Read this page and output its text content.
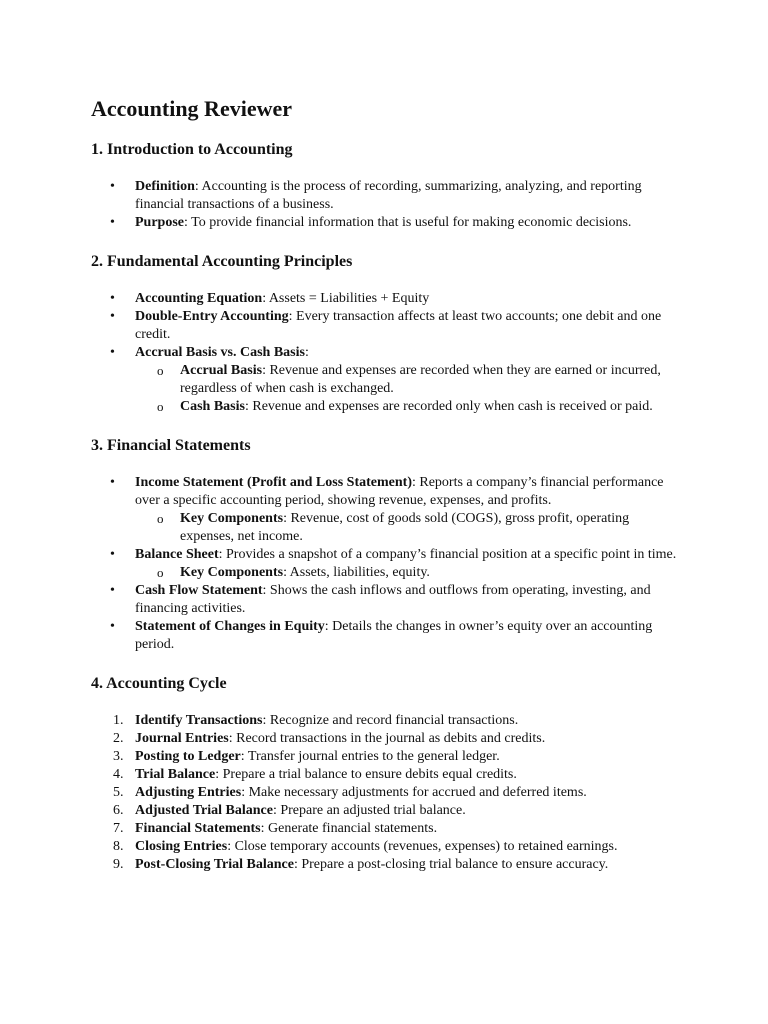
Accounting Reviewer
1. Introduction to Accounting
• Definition: Accounting is the process of recording, summarizing, analyzing, and reporting financial transactions of a business.
• Purpose: To provide financial information that is useful for making economic decisions.
2. Fundamental Accounting Principles
• Accounting Equation: Assets = Liabilities + Equity
• Double-Entry Accounting: Every transaction affects at least two accounts; one debit and one credit.
• Accrual Basis vs. Cash Basis:
o Accrual Basis: Revenue and expenses are recorded when they are earned or incurred, regardless of when cash is exchanged.
o Cash Basis: Revenue and expenses are recorded only when cash is received or paid.
3. Financial Statements
• Income Statement (Profit and Loss Statement): Reports a company’s financial performance over a specific accounting period, showing revenue, expenses, and profits.
o Key Components: Revenue, cost of goods sold (COGS), gross profit, operating expenses, net income.
• Balance Sheet: Provides a snapshot of a company’s financial position at a specific point in time.
o Key Components: Assets, liabilities, equity.
• Cash Flow Statement: Shows the cash inflows and outflows from operating, investing, and financing activities.
• Statement of Changes in Equity: Details the changes in owner’s equity over an accounting period.
4. Accounting Cycle
1. Identify Transactions: Recognize and record financial transactions.
2. Journal Entries: Record transactions in the journal as debits and credits.
3. Posting to Ledger: Transfer journal entries to the general ledger.
4. Trial Balance: Prepare a trial balance to ensure debits equal credits.
5. Adjusting Entries: Make necessary adjustments for accrued and deferred items.
6. Adjusted Trial Balance: Prepare an adjusted trial balance.
7. Financial Statements: Generate financial statements.
8. Closing Entries: Close temporary accounts (revenues, expenses) to retained earnings.
9. Post-Closing Trial Balance: Prepare a post-closing trial balance to ensure accuracy.
